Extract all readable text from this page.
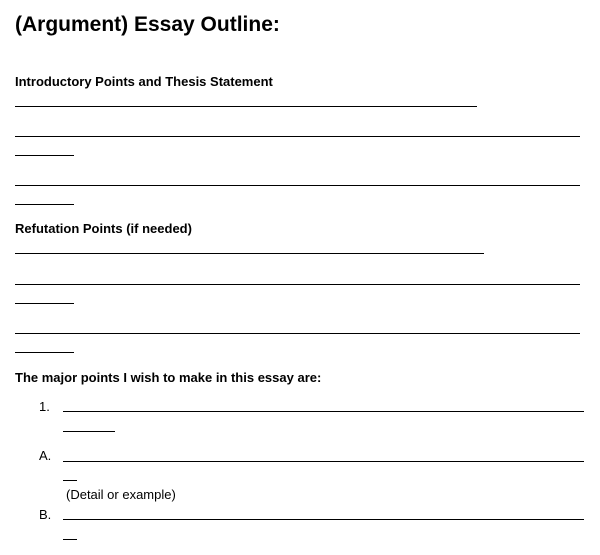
(Argument) Essay Outline:
Introductory Points and Thesis Statement
Refutation Points (if needed)
The major points I wish to make in this essay are:
1.
A.
(Detail or example)
B.
